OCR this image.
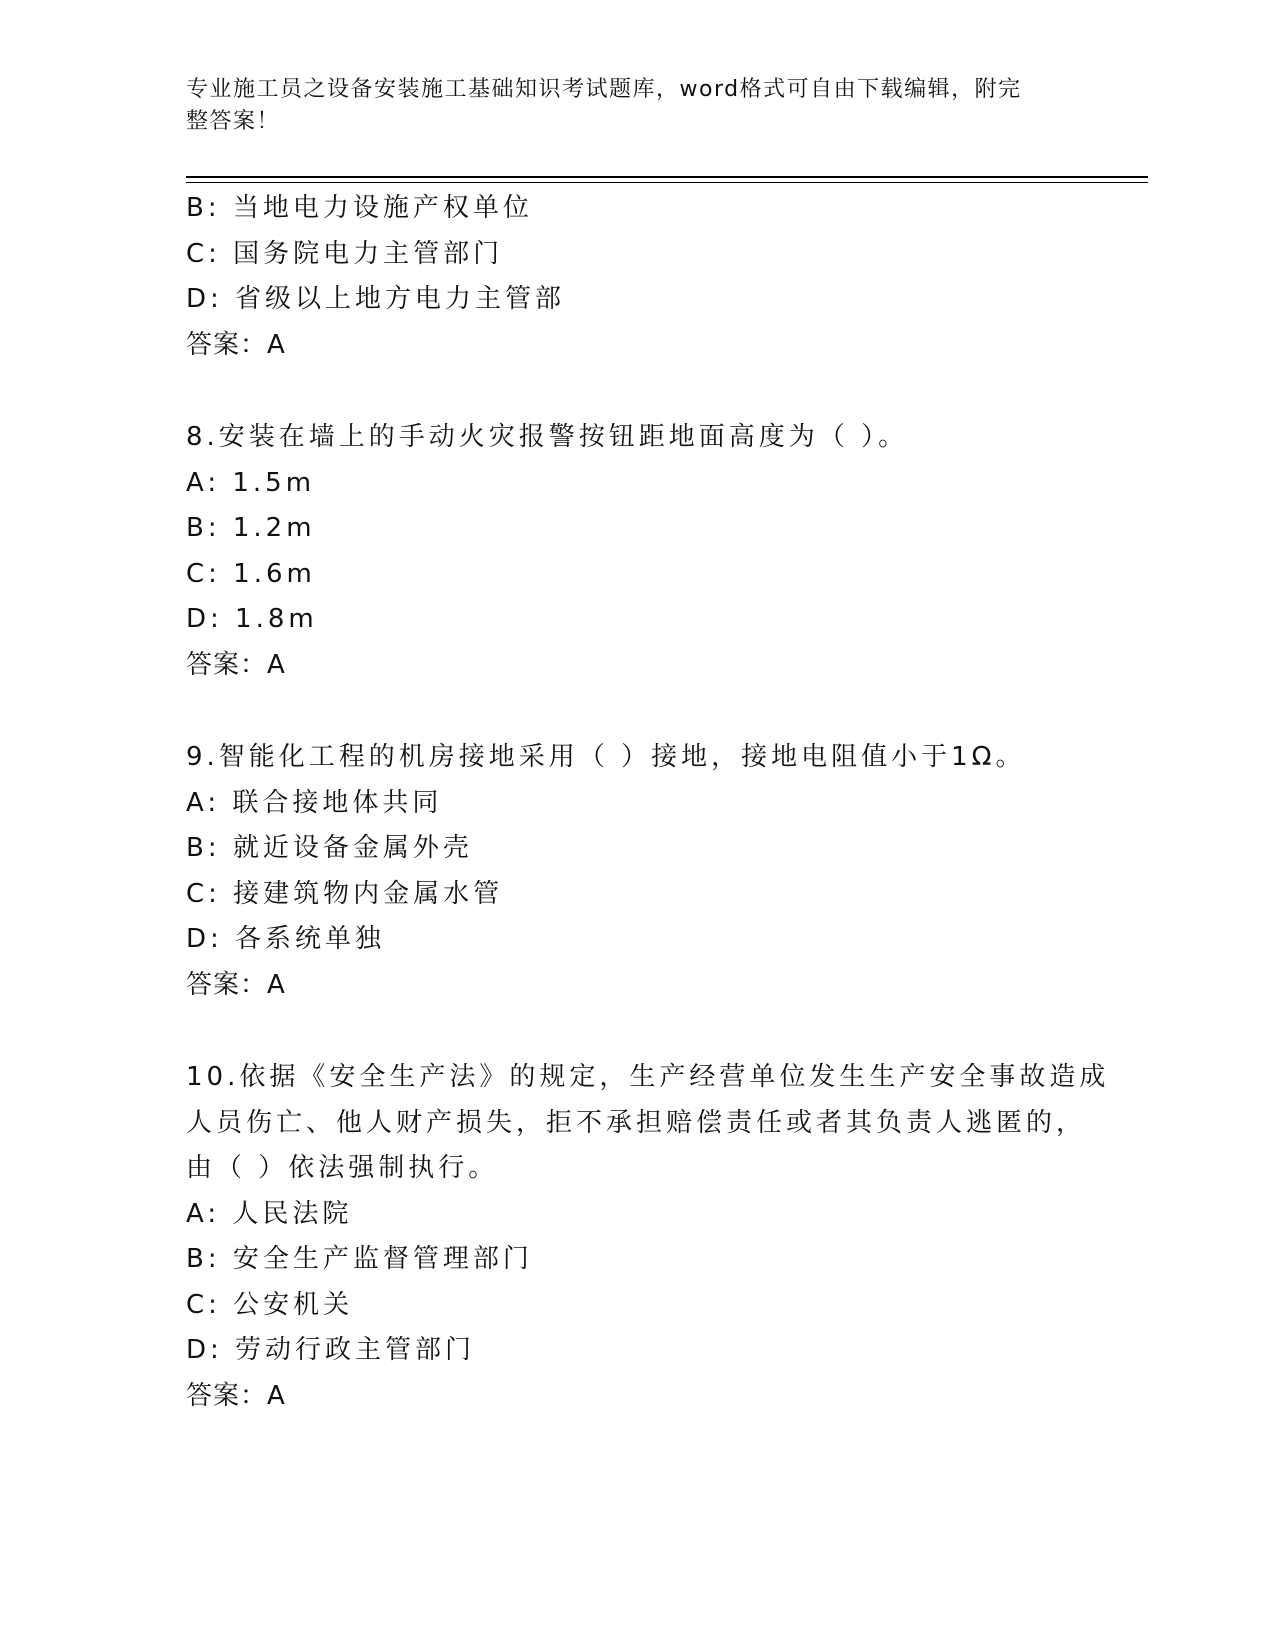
专业施工员之设备安装施工基础知识考试题库，word格式可自由下载编辑，附完
整答案！
B: 当地电力设施产权单位
C: 国务院电力主管部门
D: 省级以上地方电力主管部
答案：A
8.安装在墙上的手动火灾报警按钮距地面高度为（ ）。
A: 1.5m
B: 1.2m
C: 1.6m
D: 1.8m
答案：A
9.智能化工程的机房接地采用（ ）接地，接地电阻值小于1Ω。
A: 联合接地体共同
B: 就近设备金属外壳
C: 接建筑物内金属水管
D: 各系统单独
答案：A
10.依据《安全生产法》的规定，生产经营单位发生生产安全事故造成
人员伤亡、他人财产损失，拒不承担赔偿责任或者其负责人逃匿的，
由（ ）依法强制执行。
A: 人民法院
B: 安全生产监督管理部门
C: 公安机关
D: 劳动行政主管部门
答案：A
